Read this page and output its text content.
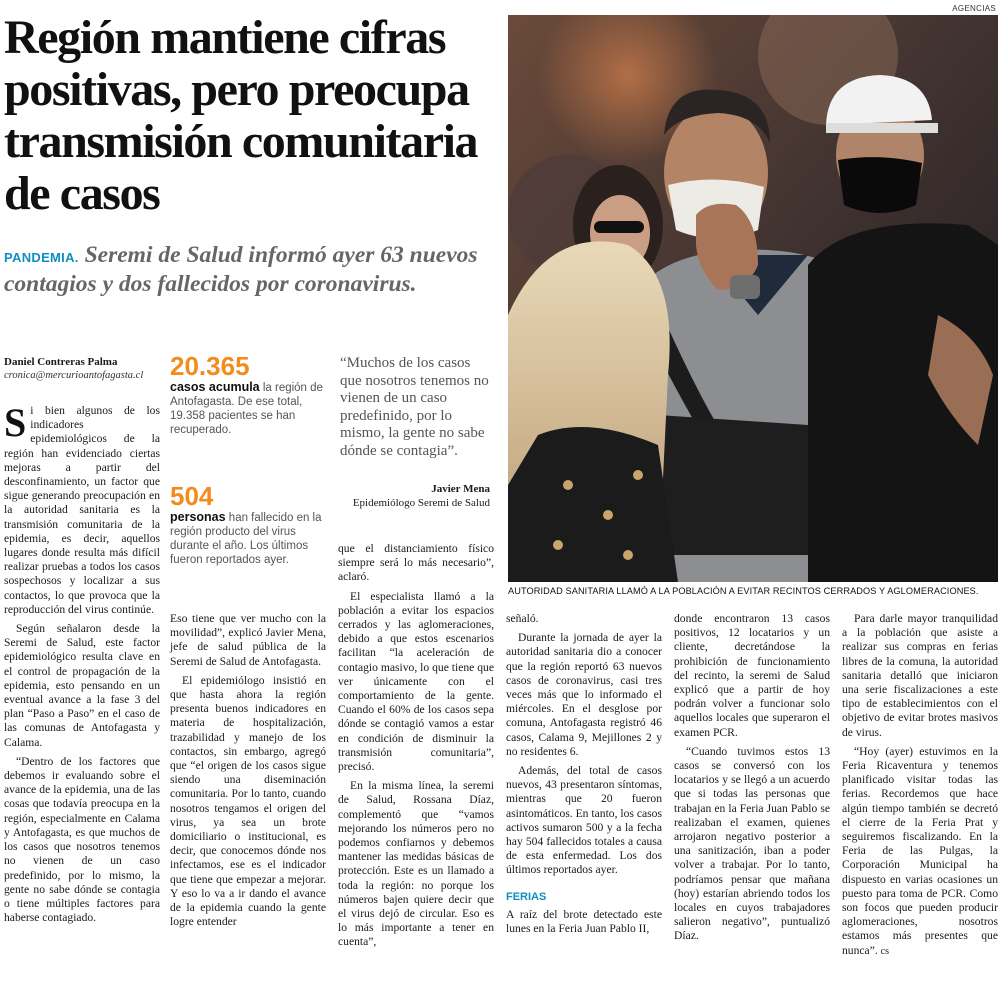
AGENCIAS
Región mantiene cifras positivas, pero preocupa transmisión comunitaria de casos
PANDEMIA. Seremi de Salud informó ayer 63 nuevos contagios y dos fallecidos por coronavirus.
Daniel Contreras Palma
cronica@mercurioantofagasta.cl	20.365
casos acumula la región de Antofagasta. De ese total, 19.358 pacientes se han recuperado.
504
personas han fallecido en la región producto del virus durante el año. Los últimos fueron reportados ayer.
“Muchos de los casos que nosotros tenemos no vienen de un caso predefinido, por lo mismo, la gente no sabe dónde se contagia”.
Javier Mena
Epidemiólogo Seremi de Salud
AUTORIDAD SANITARIA LLAMÓ A LA POBLACIÓN A EVITAR RECINTOS CERRADOS Y AGLOMERACIONES.

Si bien algunos de los indicadores epidemiológicos de la región han evidenciado ciertas mejoras a partir del desconfinamiento, un factor que sigue generando preocupación en la autoridad sanitaria es la transmisión comunitaria de la epidemia, es decir, aquellos lugares donde resulta más difícil realizar pruebas a todos los casos sospechosos y localizar a sus contactos, lo que provoca que la reproducción del virus continúe.

Según señalaron desde la Seremi de Salud, este factor epidemiológico resulta clave en el control de propagación de la epidemia, esto pensando en un eventual avance a la fase 3 del plan “Paso a Paso” en el caso de las comunas de Antofagasta y Calama.

“Dentro de los factores que debemos ir evaluando sobre el avance de la epidemia, una de las cosas que todavía preocupa en la región, especialmente en Calama y Antofagasta, es que muchos de los casos que nosotros tenemos no vienen de un caso predefinido, por lo mismo, la gente no sabe dónde se contagia o tiene múltiples factores para haberse contagiado.

Eso tiene que ver mucho con la movilidad”, explicó Javier Mena, jefe de salud pública de la Seremi de Salud de Antofagasta.

El epidemiólogo insistió en que hasta ahora la región presenta buenos indicadores en materia de hospitalización, trazabilidad y manejo de los contactos, sin embargo, agregó que “el origen de los casos sigue siendo una diseminación comunitaria. Por lo tanto, cuando nosotros tengamos el origen del virus, ya sea un brote domiciliario o institucional, es decir, que conocemos dónde nos infectamos, ese es el indicador que tiene que empezar a mejorar. Y eso lo va a ir dando el avance de la epidemia cuando la gente logre entender

que el distanciamiento físico siempre será lo más necesario”, aclaró.

El especialista llamó a la población a evitar los espacios cerrados y las aglomeraciones, debido a que estos escenarios facilitan “la aceleración de contagio masivo, lo que tiene que ver únicamente con el comportamiento de la gente. Cuando el 60% de los casos sepa dónde se contagió vamos a estar en condición de disminuir la transmisión comunitaria”, precisó.

En la misma línea, la seremi de Salud, Rossana Díaz, complementó que “vamos mejorando los números pero no podemos confiarnos y debemos mantener las medidas básicas de protección. Este es un llamado a toda la región: no porque los números bajen quiere decir que el virus dejó de circular. Eso es lo más importante a tener en cuenta”,

señaló.

Durante la jornada de ayer la autoridad sanitaria dio a conocer que la región reportó 63 nuevos casos de coronavirus, casi tres veces más que lo informado el miércoles. En el desglose por comuna, Antofagasta registró 46 casos, Calama 9, Mejillones 2 y no residentes 6.

Además, del total de casos nuevos, 43 presentaron síntomas, mientras que 20 fueron asintomáticos. En tanto, los casos activos sumaron 500 y a la fecha hay 504 fallecidos totales a causa de esta enfermedad. Los dos últimos reportados ayer.

FERIAS

A raíz del brote detectado este lunes en la Feria Juan Pablo II,

donde encontraron 13 casos positivos, 12 locatarios y un cliente, decretándose la prohibición de funcionamiento del recinto, la seremi de Salud explicó que a partir de hoy podrán volver a funcionar solo aquellos locales que superaron el examen PCR.

“Cuando tuvimos estos 13 casos se conversó con los locatarios y se llegó a un acuerdo que si todas las personas que trabajan en la Feria Juan Pablo se realizaban el examen, quienes arrojaron negativo posterior a una sanitización, iban a poder volver a trabajar. Por lo tanto, podríamos pensar que mañana (hoy) estarían abriendo todos los locales en cuyos trabajadores salieron negativo”, puntualizó Díaz.

Para darle mayor tranquilidad a la población que asiste a realizar sus compras en ferias libres de la comuna, la autoridad sanitaria detalló que iniciaron una serie fiscalizaciones a este tipo de establecimientos con el objetivo de evitar brotes masivos de virus.

“Hoy (ayer) estuvimos en la Feria Ricaventura y tenemos planificado visitar todas las ferias. Recordemos que hace algún tiempo también se decretó el cierre de la Feria Prat y seguiremos fiscalizando. En la Feria de las Pulgas, la Corporación Municipal ha dispuesto en varias ocasiones un puesto para toma de PCR. Como son focos que pueden producir aglomeraciones, nosotros estamos más presentes que nunca”. cs
